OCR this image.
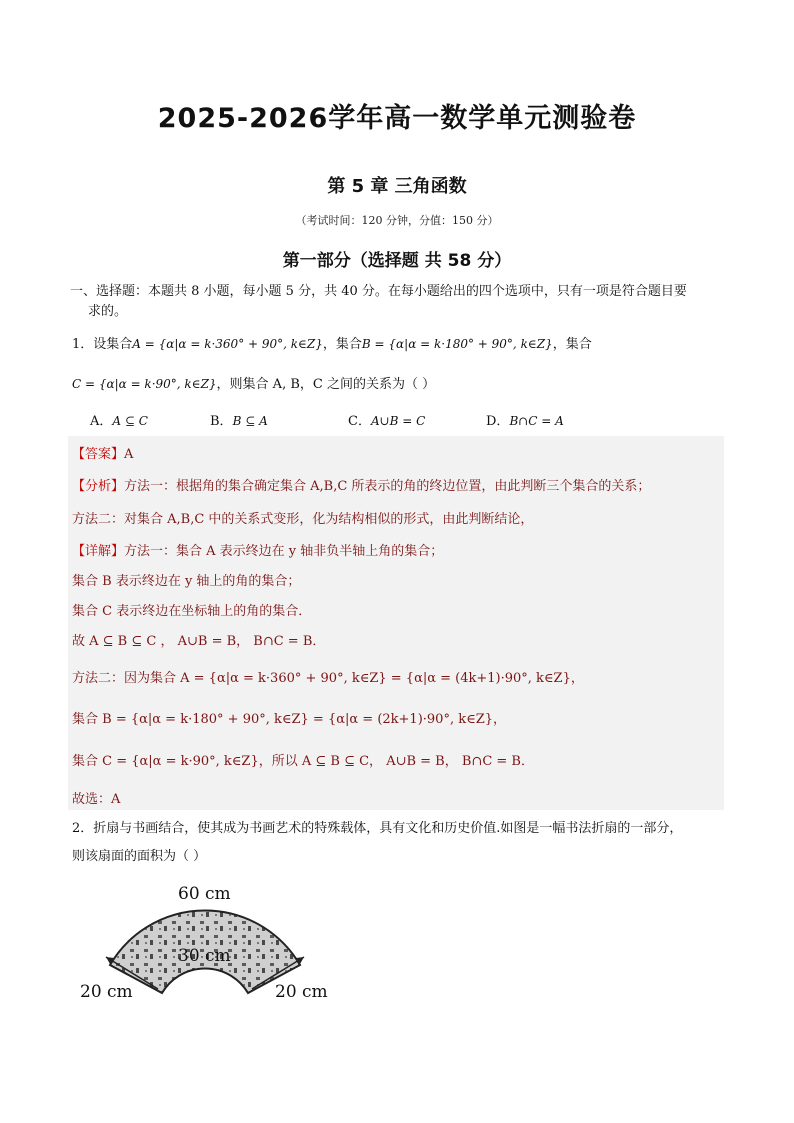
2025-2026学年高一数学单元测验卷
第 5 章 三角函数
（考试时间：120 分钟，分值：150 分）
第一部分（选择题 共 58 分）
一、选择题：本题共 8 小题，每小题 5 分，共 40 分。在每小题给出的四个选项中，只有一项是符合题目要
求的。
1．设集合A = {α|α = k·360° + 90°, k∈Z}，集合B = {α|α = k·180° + 90°, k∈Z}，集合
C = {α|α = k·90°, k∈Z}，则集合 A, B，C 之间的关系为（ ）
A．A ⊆ C	B．B ⊆ A	C．A∪B = C	D．B∩C = A
【答案】A
【分析】方法一：根据角的集合确定集合 A,B,C 所表示的角的终边位置，由此判断三个集合的关系；
方法二：对集合 A,B,C 中的关系式变形，化为结构相似的形式，由此判断结论，
【详解】方法一：集合 A 表示终边在 y 轴非负半轴上角的集合；
集合 B 表示终边在 y 轴上的角的集合；
集合 C 表示终边在坐标轴上的角的集合．
故 A ⊆ B ⊆ C ， A∪B = B， B∩C = B．
方法二：因为集合 A = {α|α = k·360° + 90°, k∈Z} = {α|α = (4k+1)·90°, k∈Z}，
集合 B = {α|α = k·180° + 90°, k∈Z} = {α|α = (2k+1)·90°, k∈Z}，
集合 C = {α|α = k·90°, k∈Z}，所以 A ⊆ B ⊆ C， A∪B = B， B∩C = B．
故选：A
2．折扇与书画结合，使其成为书画艺术的特殊载体，具有文化和历史价值.如图是一幅书法折扇的一部分，
则该扇面的面积为（ ）
60 cm
30 cm
20 cm	20 cm
